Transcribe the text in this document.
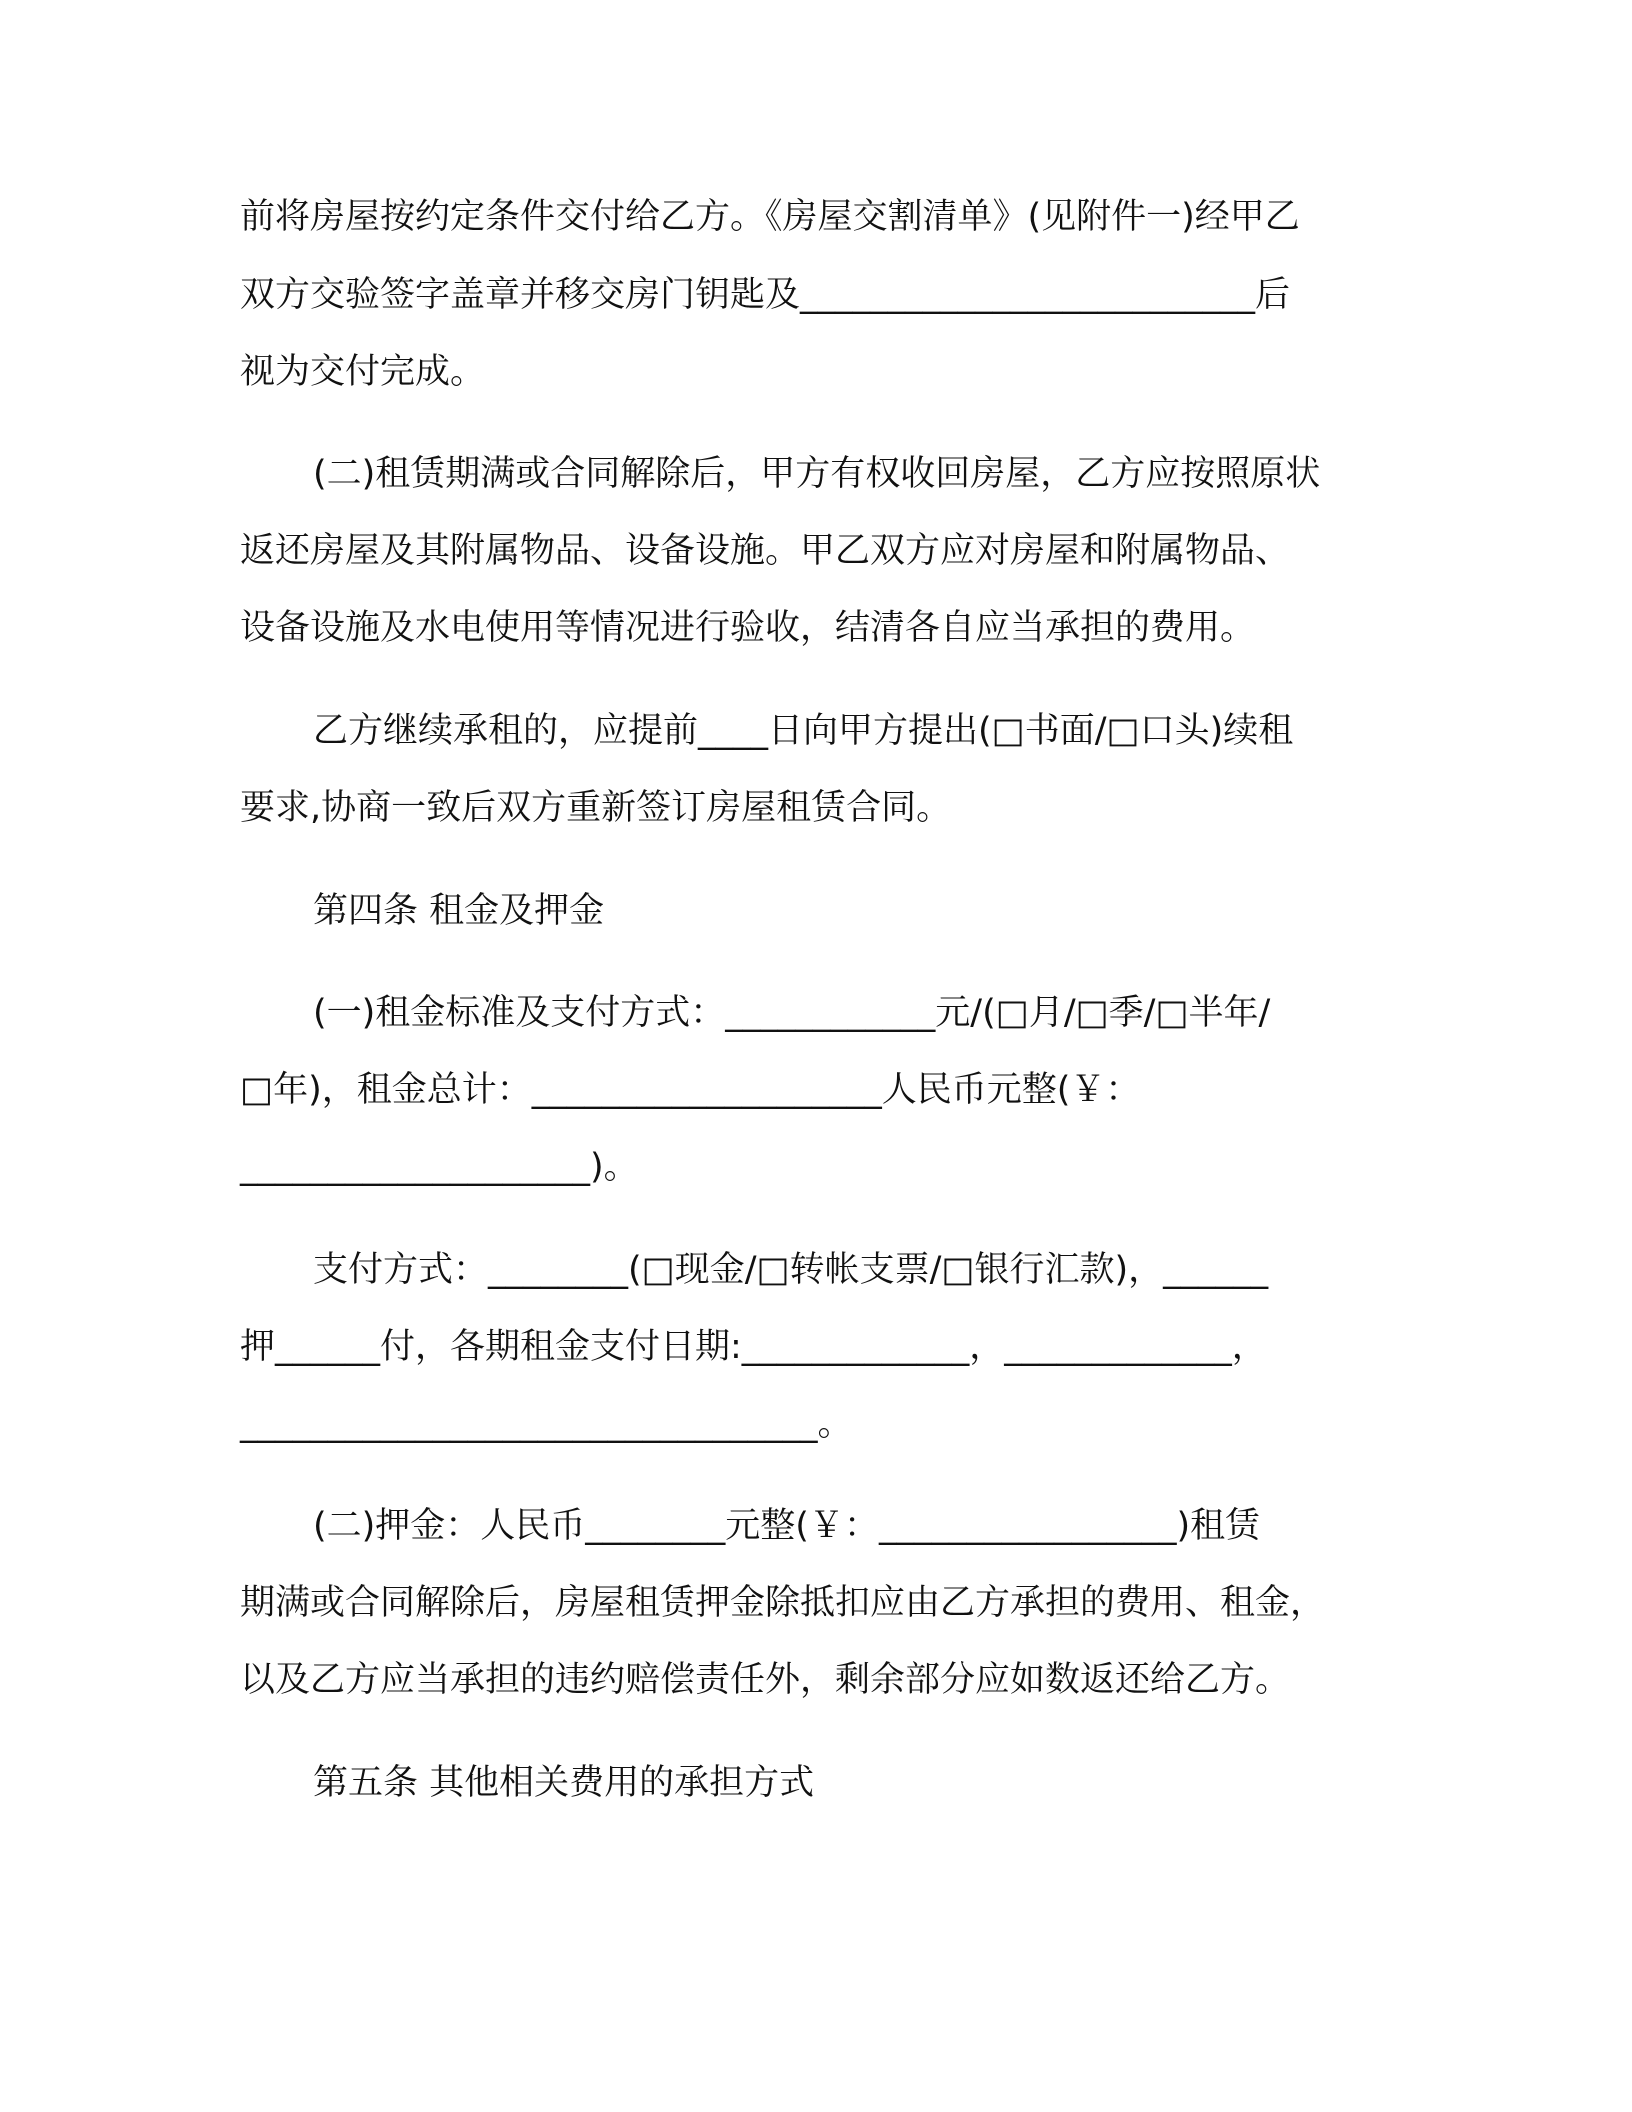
前将房屋按约定条件交付给乙方。《房屋交割清单》(见附件一)经甲乙
双方交验签字盖章并移交房门钥匙及__________________________后
视为交付完成。
(二)租赁期满或合同解除后，甲方有权收回房屋，乙方应按照原状
返还房屋及其附属物品、设备设施。甲乙双方应对房屋和附属物品、
设备设施及水电使用等情况进行验收，结清各自应当承担的费用。
乙方继续承租的，应提前____日向甲方提出(□书面/□口头)续租
要求,协商一致后双方重新签订房屋租赁合同。
第四条 租金及押金
(一)租金标准及支付方式：____________元/(□月/□季/□半年/
□年)，租金总计：____________________人民币元整(￥：
____________________)。
支付方式：________(□现金/□转帐支票/□银行汇款)，______
押______付，各期租金支付日期:_____________，_____________，
_________________________________。
(二)押金：人民币________元整(￥：_________________)租赁
期满或合同解除后，房屋租赁押金除抵扣应由乙方承担的费用、租金，
以及乙方应当承担的违约赔偿责任外，剩余部分应如数返还给乙方。
第五条 其他相关费用的承担方式
